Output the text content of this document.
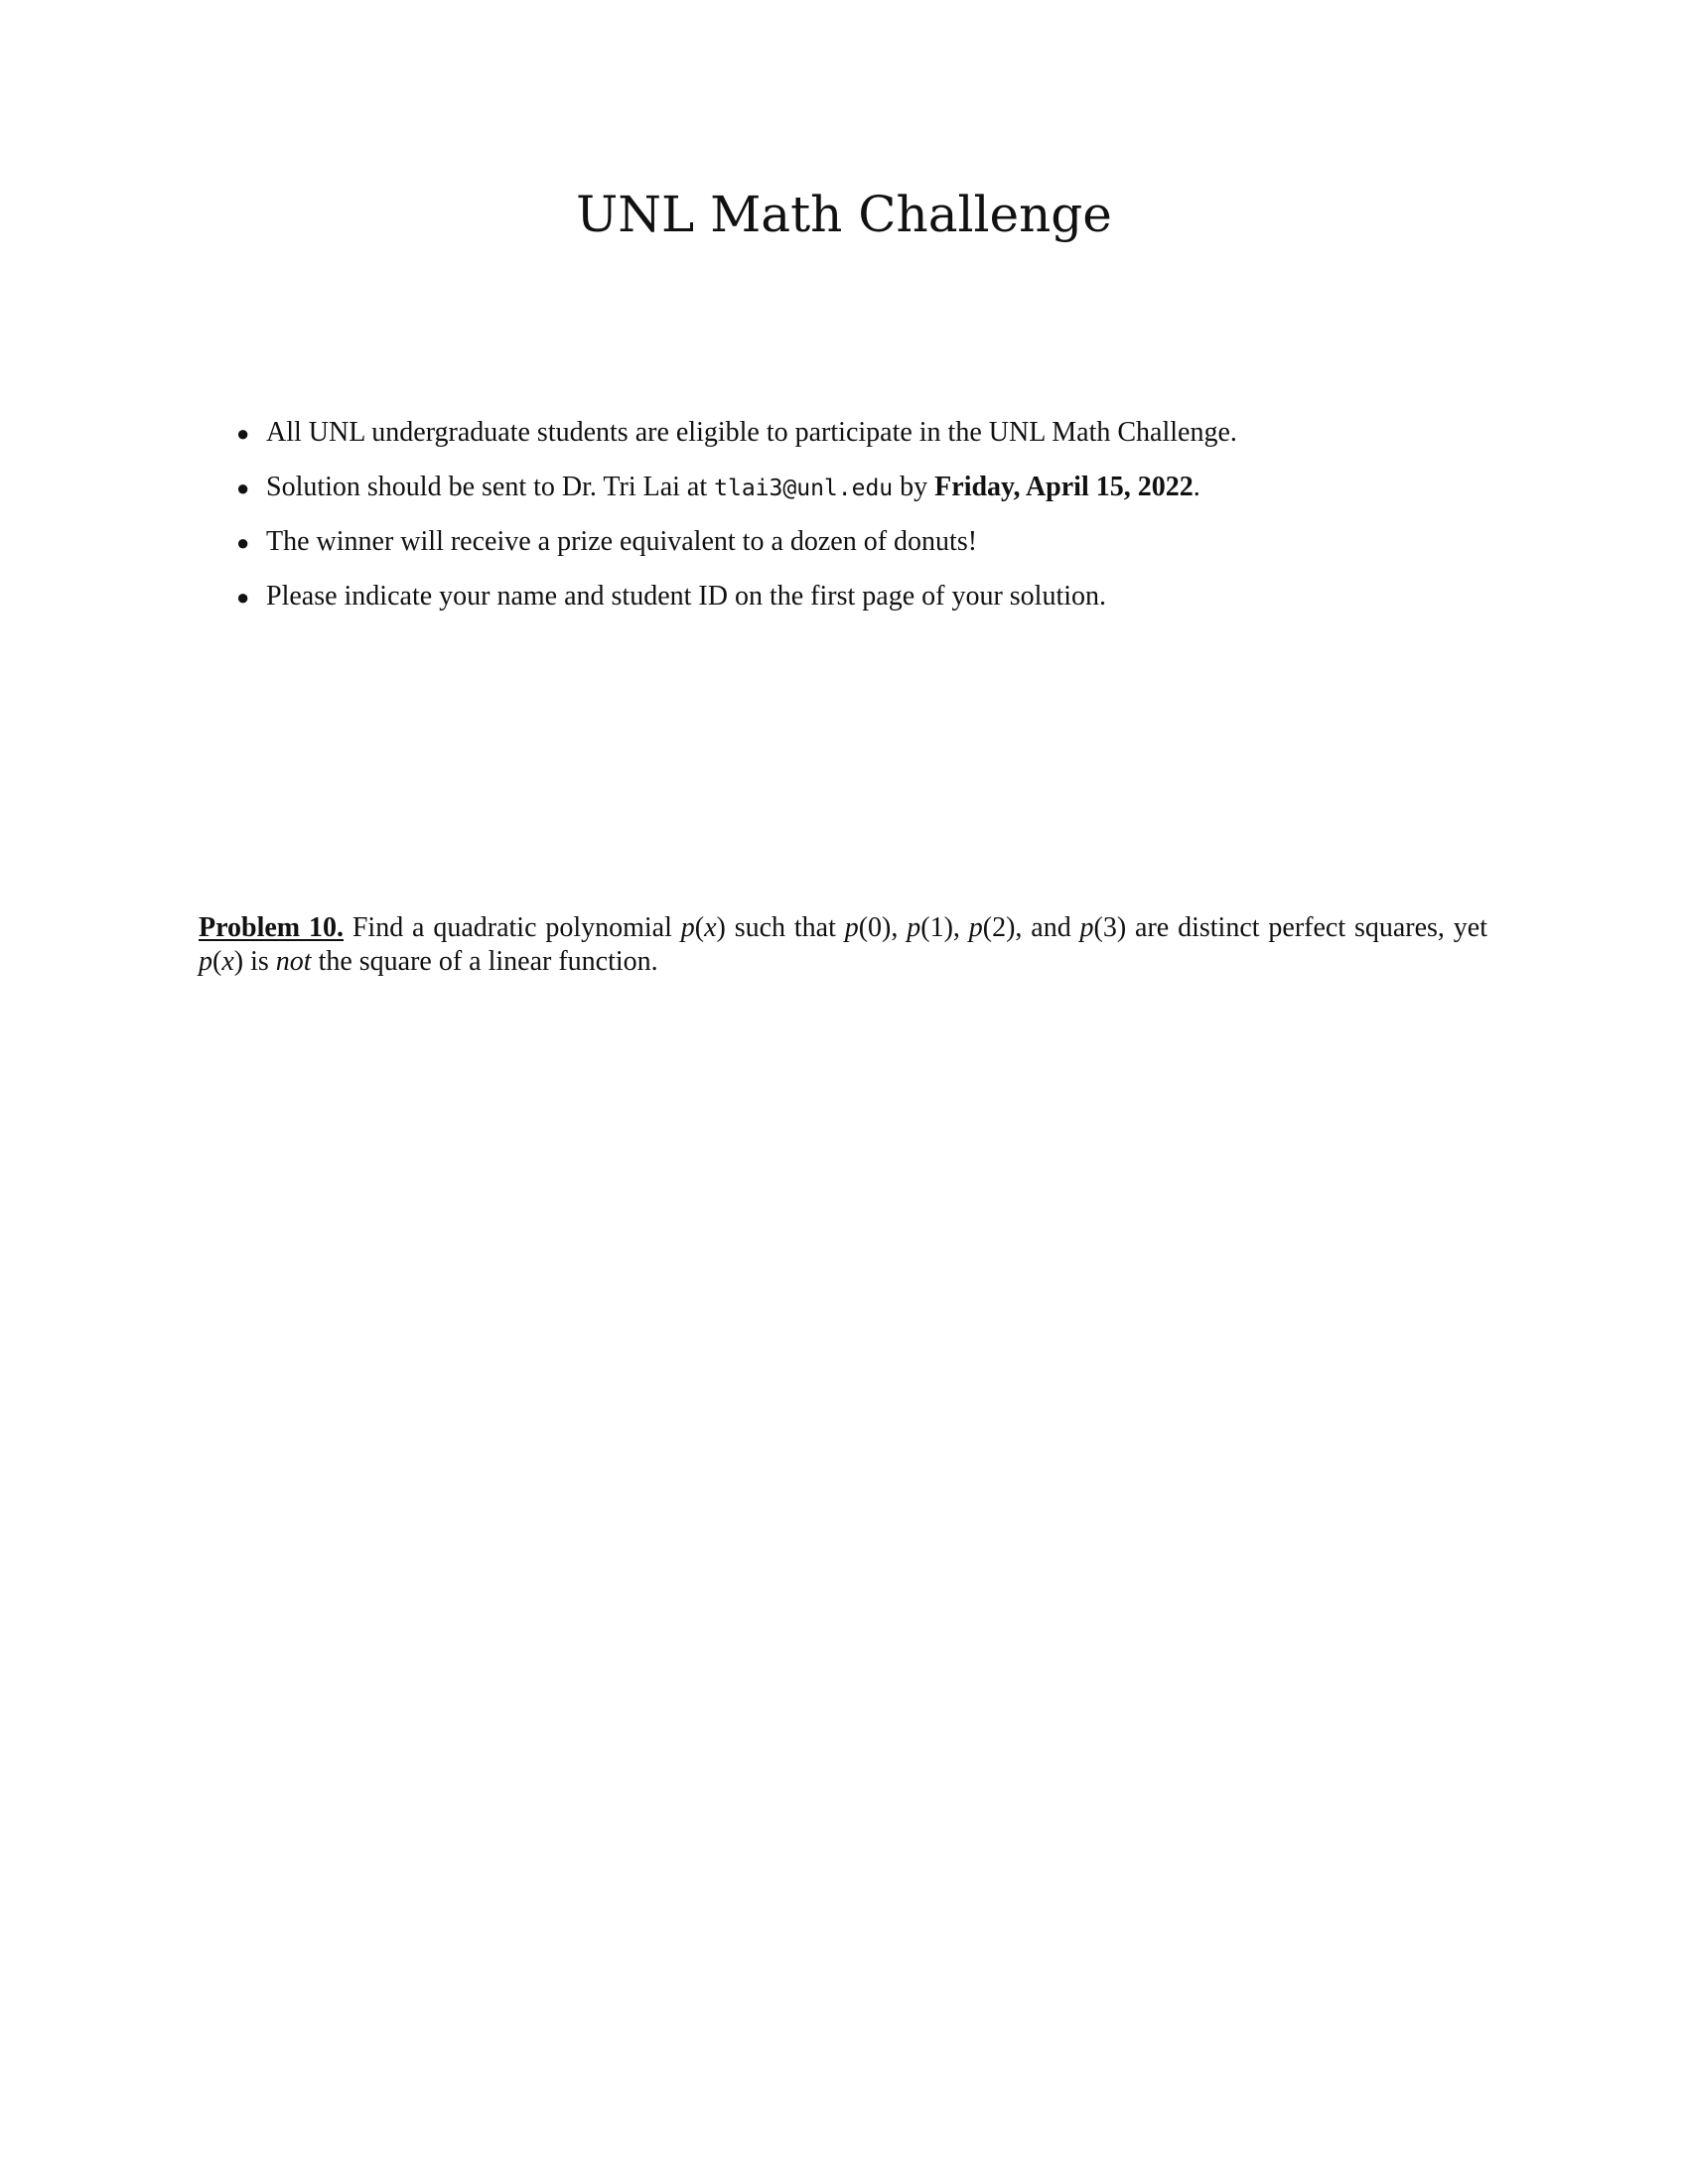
UNL Math Challenge
● All UNL undergraduate students are eligible to participate in the UNL Math Challenge.
● Solution should be sent to Dr. Tri Lai at tlai3@unl.edu by Friday, April 15, 2022.
● The winner will receive a prize equivalent to a dozen of donuts!
● Please indicate your name and student ID on the first page of your solution.

Problem 10. Find a quadratic polynomial p(x) such that p(0), p(1), p(2), and p(3) are distinct perfect squares, yet p(x) is not the square of a linear function.
